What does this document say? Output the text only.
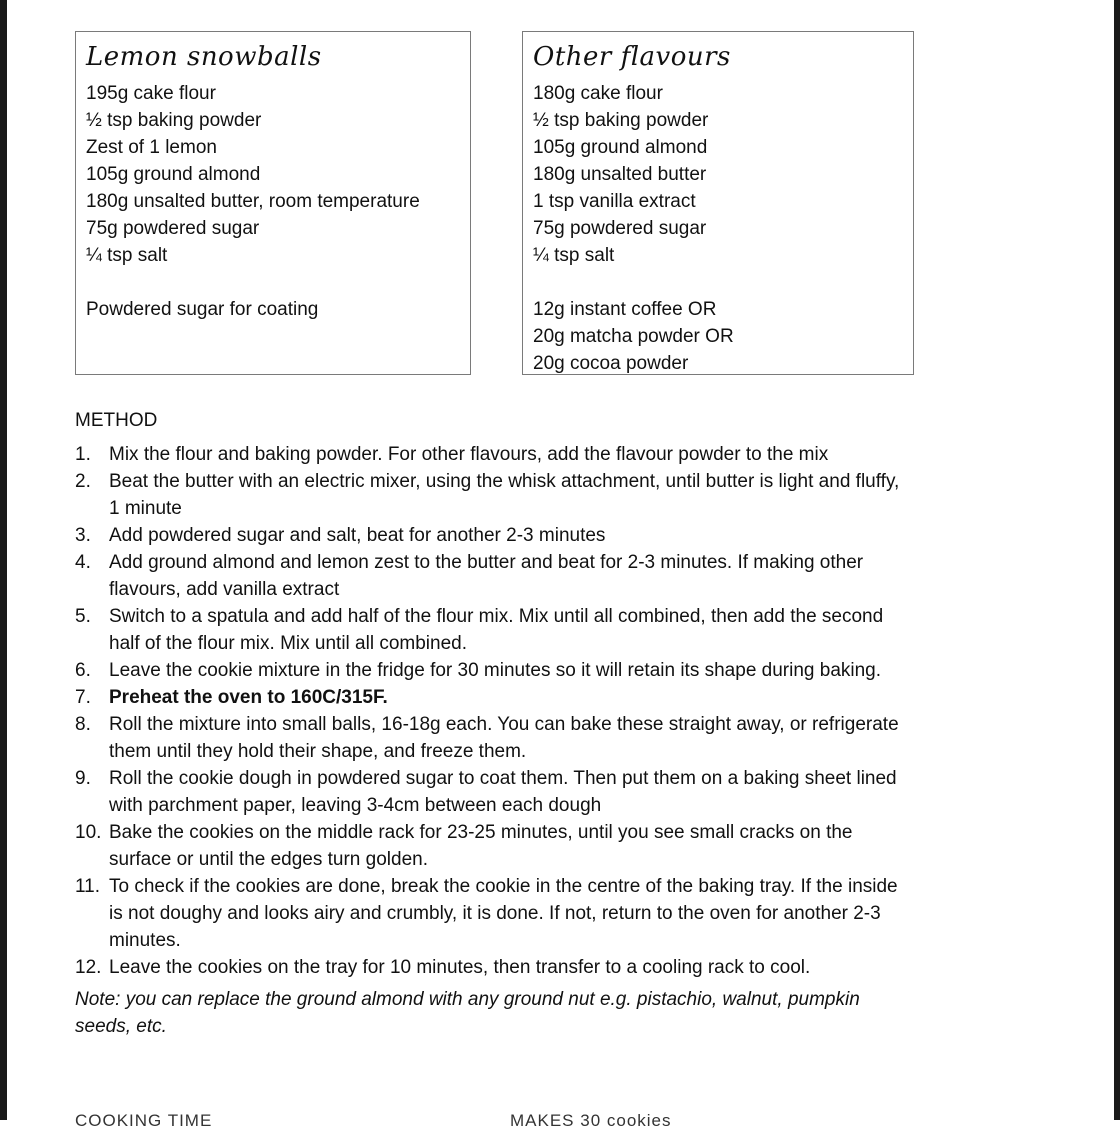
Lemon snowballs
195g cake flour
½ tsp baking powder
Zest of 1 lemon
105g ground almond
180g unsalted butter, room temperature
75g powdered sugar
¼ tsp salt
Powdered sugar for coating
Other flavours
180g cake flour
½ tsp baking powder
105g ground almond
180g unsalted butter
1 tsp vanilla extract
75g powdered sugar
¼ tsp salt
12g instant coffee OR
20g matcha powder OR
20g cocoa powder
METHOD
1. Mix the flour and baking powder. For other flavours, add the flavour powder to the mix
2. Beat the butter with an electric mixer, using the whisk attachment, until butter is light and fluffy, 1 minute
3. Add powdered sugar and salt, beat for another 2-3 minutes
4. Add ground almond and lemon zest to the butter and beat for 2-3 minutes. If making other flavours, add vanilla extract
5. Switch to a spatula and add half of the flour mix. Mix until all combined, then add the second half of the flour mix. Mix until all combined.
6. Leave the cookie mixture in the fridge for 30 minutes so it will retain its shape during baking.
7. Preheat the oven to 160C/315F.
8. Roll the mixture into small balls, 16-18g each. You can bake these straight away, or refrigerate them until they hold their shape, and freeze them.
9. Roll the cookie dough in powdered sugar to coat them. Then put them on a baking sheet lined with parchment paper, leaving 3-4cm between each dough
10. Bake the cookies on the middle rack for 23-25 minutes, until you see small cracks on the surface or until the edges turn golden.
11. To check if the cookies are done, break the cookie in the centre of the baking tray. If the inside is not doughy and looks airy and crumbly, it is done. If not, return to the oven for another 2-3 minutes.
12. Leave the cookies on the tray for 10 minutes, then transfer to a cooling rack to cool.
Note: you can replace the ground almond with any ground nut e.g. pistachio, walnut, pumpkin seeds, etc.
COOKING TIME	MAKES 30 cookies
